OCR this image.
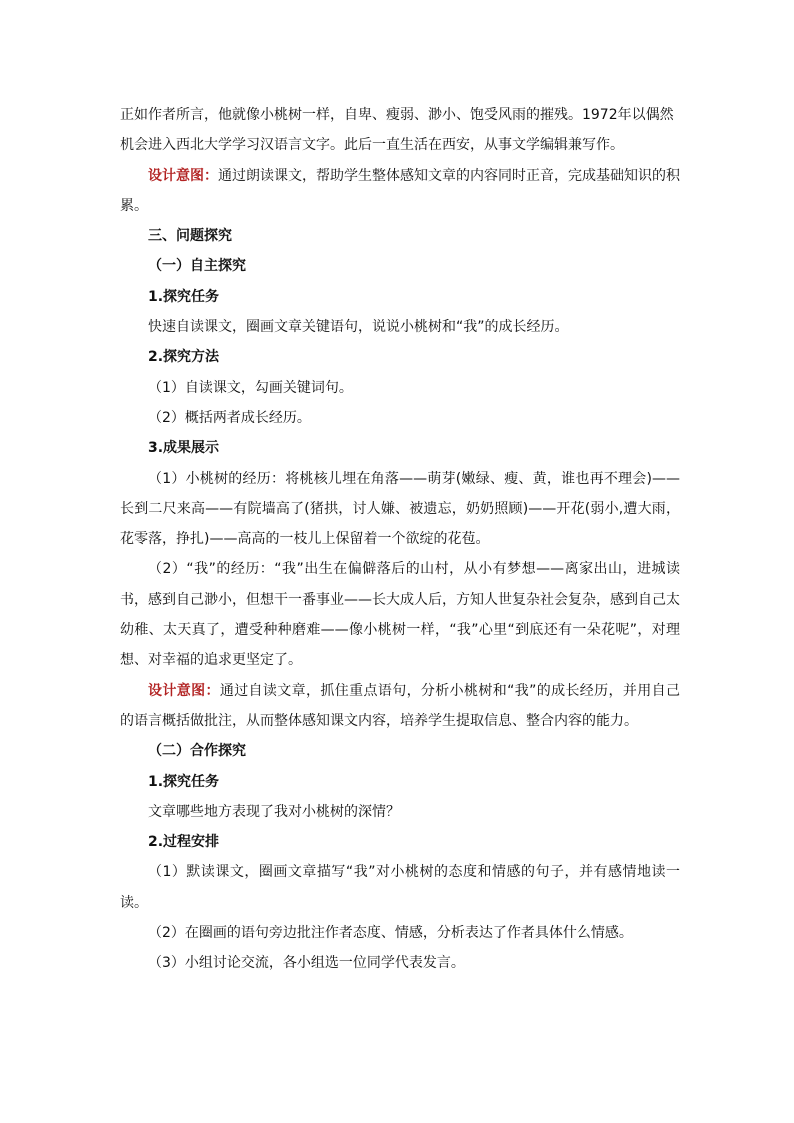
正如作者所言，他就像小桃树一样，自卑、瘦弱、渺小、饱受风雨的摧残。1972年以偶然

机会进入西北大学学习汉语言文字。此后一直生活在西安，从事文学编辑兼写作。

设计意图：通过朗读课文，帮助学生整体感知文章的内容同时正音，完成基础知识的积累。

三、问题探究

（一）自主探究

1.探究任务

快速自读课文，圈画文章关键语句，说说小桃树和“我”的成长经历。

2.探究方法

（1）自读课文，勾画关键词句。

（2）概括两者成长经历。

3.成果展示

（1）小桃树的经历：将桃核儿埋在角落——萌芽(嫩绿、瘦、黄，谁也再不理会)——长到二尺来高——有院墙高了(猪拱，讨人嫌、被遗忘，奶奶照顾)——开花(弱小,遭大雨，花零落，挣扎)——高高的一枝儿上保留着一个欲绽的花苞。

（2）“我”的经历：“我”出生在偏僻落后的山村，从小有梦想——离家出山，进城读书，感到自己渺小，但想干一番事业——长大成人后，方知人世复杂社会复杂，感到自己太幼稚、太天真了，遭受种种磨难——像小桃树一样，“我”心里“到底还有一朵花呢”，对理想、对幸福的追求更坚定了。

设计意图：通过自读文章，抓住重点语句，分析小桃树和“我”的成长经历，并用自己的语言概括做批注，从而整体感知课文内容，培养学生提取信息、整合内容的能力。

（二）合作探究

1.探究任务

文章哪些地方表现了我对小桃树的深情？

2.过程安排

（1）默读课文，圈画文章描写“我”对小桃树的态度和情感的句子，并有感情地读一读。

（2）在圈画的语句旁边批注作者态度、情感，分析表达了作者具体什么情感。

（3）小组讨论交流，各小组选一位同学代表发言。
